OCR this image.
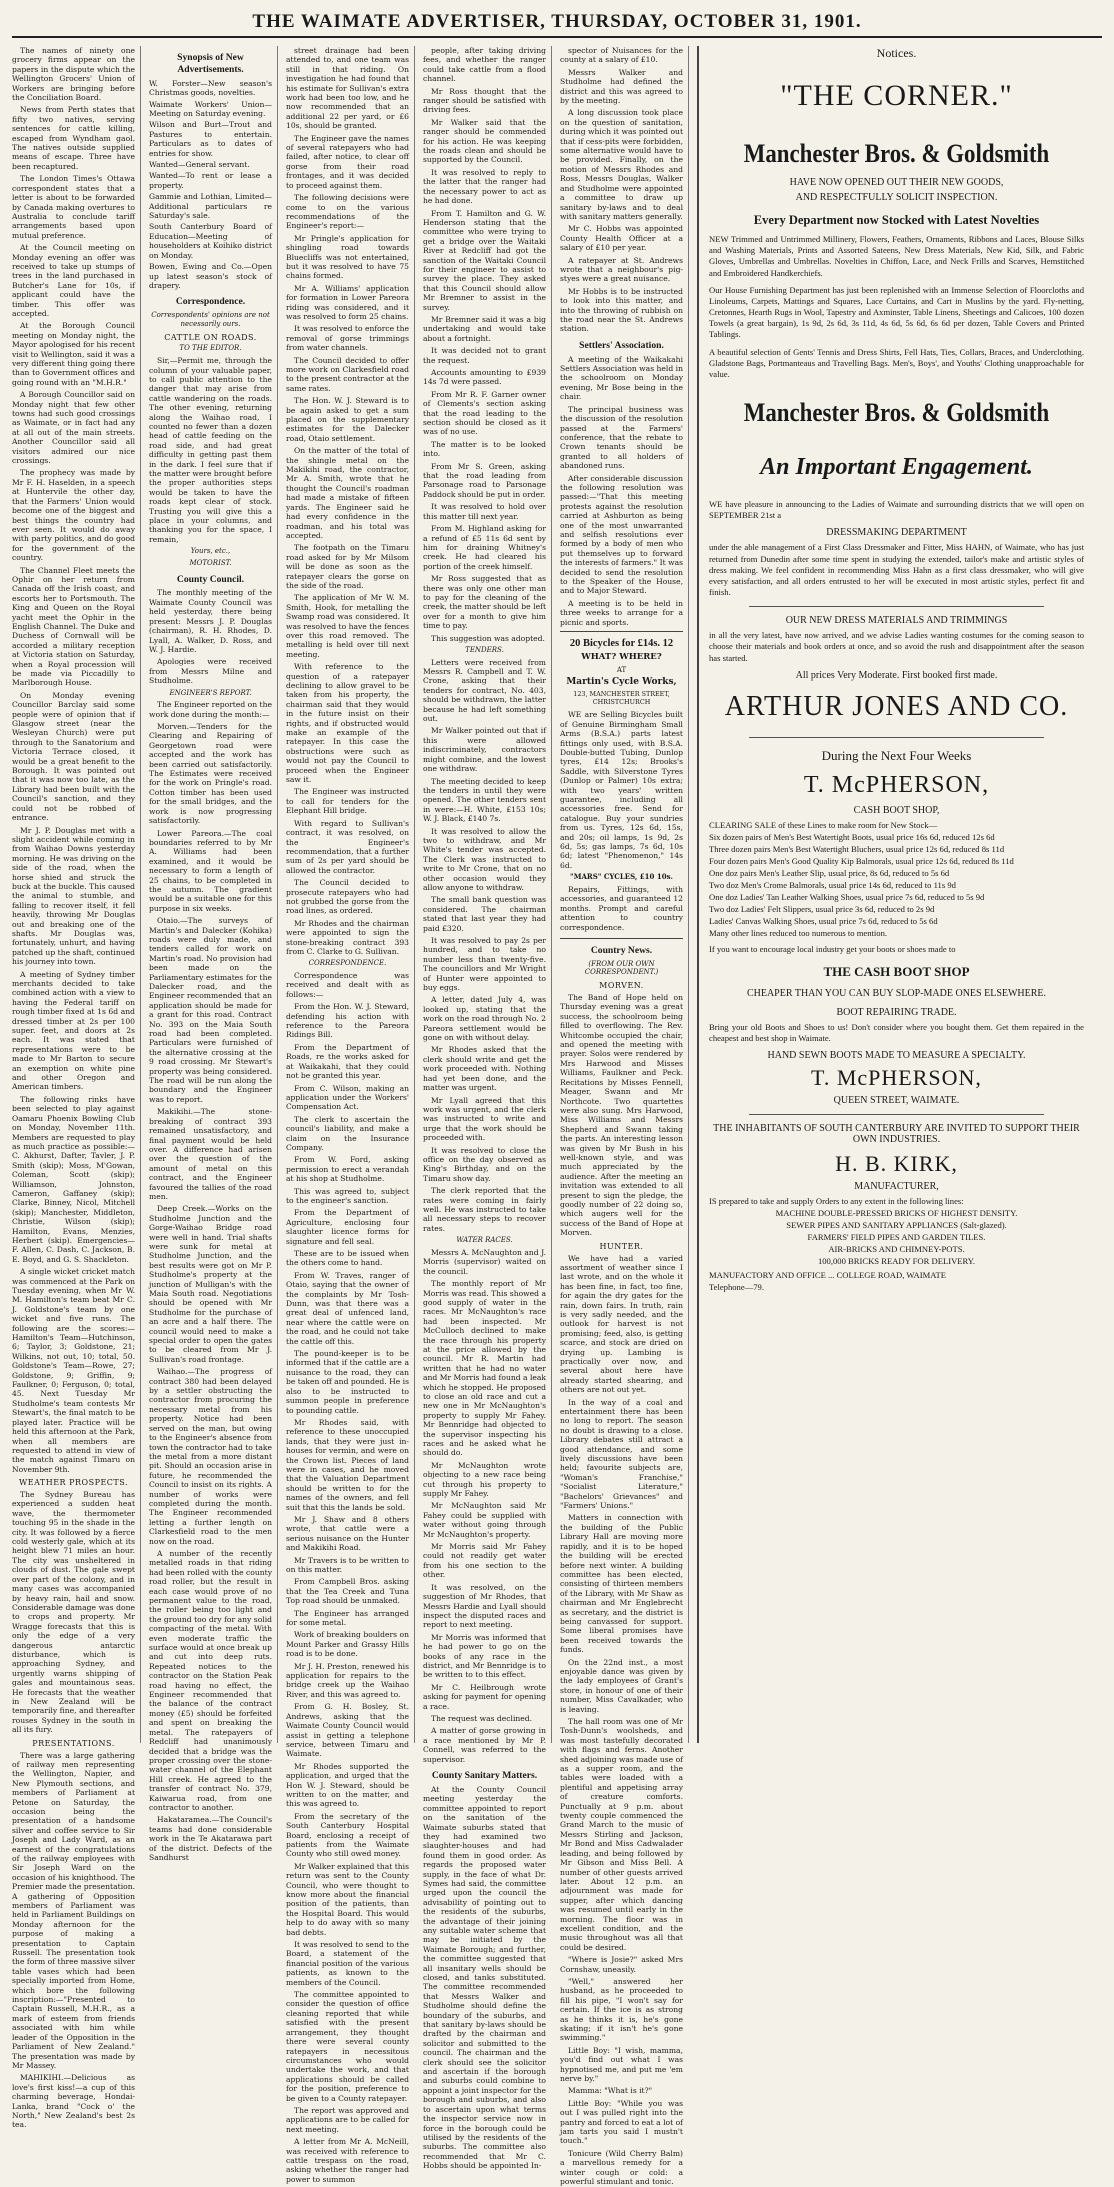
THE WAIMATE ADVERTISER, THURSDAY, OCTOBER 31, 1901.

The names of ninety one grocery firms appear on the papers in the dispute which the Wellington Grocers' Union of Workers are bringing before the Conciliation Board.

News from Perth states that fifty two natives, serving sentences for cattle killing, escaped from Wyndham gaol. The natives outside supplied means of escape. Three have been recaptured.

The London Times's Ottawa correspondent states that a letter is about to be forwarded by Canada making overtures to Australia to conclude tariff arrangements based upon mutual preference.

At the Council meeting on Monday evening an offer was received to take up stumps of trees in the land purchased in Butcher's Lane for 10s, if applicant could have the timber. This offer was accepted.

At the Borough Council meeting on Monday night, the Mayor apologised for his recent visit to Wellington, said it was a very different thing going there than to Government offices and going round with an "M.H.R."

A Borough Councillor said on Monday night that few other towns had such good crossings as Waimate, or in fact had any at all out of the main streets. Another Councillor said all visitors admired our nice crossings.

The prophecy was made by Mr F. H. Haselden, in a speech at Huntervile the other day, that the Farmers' Union would become one of the biggest and best things the country had ever seen. It would do away with party politics, and do good for the government of the country.

The Channel Fleet meets the Ophir on her return from Canada off the Irish coast, and escorts her to Portsmouth. The King and Queen on the Royal yacht meet the Ophir in the English Channel. The Duke and Duchess of Cornwall will be accorded a military reception at Victoria station on Saturday, when a Royal procession will be made via Piccadilly to Marlborough House.

On Monday evening Councillor Barclay said some people were of opinion that if Glasgow street (near the Wesleyan Church) were put through to the Sanatorium and Victoria Terrace closed, it would be a great benefit to the Borough. It was pointed out that it was now too late, as the Library had been built with the Council's sanction, and they could not be robbed of entrance.

Mr J. P. Douglas met with a slight accident while coming in from Waihao Downs yesterday morning. He was driving on the side of the road, when the horse shied and struck the buck at the buckle. This caused the animal to stumble, and falling to recover itself, it fell heavily, throwing Mr Douglas out and breaking one of the shafts. Mr Douglas was, fortunately, unhurt, and having patched up the shaft, continued his journey into town.

A meeting of Sydney timber merchants decided to take combined action with a view to having the Federal tariff on rough timber fixed at 1s 6d and dressed timber at 2s per 100 super. feet, and doors at 2s each. It was stated that representations were to be made to Mr Barton to secure an exemption on white pine and other Oregon and American timbers.

The following rinks have been selected to play against Oamaru Phoenix Bowling Club on Monday, November 11th. Members are requested to play as much practice as possible:—C. Akhurst, Dafter, Tavler, J. P. Smith (skip); Moss, M'Gowan, Coleman, Scott (skip); Williamson, Johnston, Cameron, Gaffaney (skip); Clarke, Binney, Nicol, Mitchell (skip); Manchester, Middleton, Christie, Wilson (skip); Hamilton, Evans, Menzies, Herbert (skip). Emergencies—F. Allen, C. Dash, C. Jackson, B. E. Boyd, and G. S. Shackleton.

A single wicket cricket match was commenced at the Park on Tuesday evening, when Mr W. M. Hamilton's team beat Mr C. J. Goldstone's team by one wicket and five runs. The following are the scores:—Hamilton's Team—Hutchinson, 6; Taylor, 3; Goldstone, 21; Wilkins, not out, 10; total, 50. Goldstone's Team—Rowe, 27; Goldstone, 9; Griffin, 9; Faulkner, 0; Ferguson, 0; total, 45. Next Tuesday Mr Studholme's team contests Mr Stewart's, the final match to be played later. Practice will be held this afternoon at the Park, when all members are requested to attend in view of the match against Timaru on November 9th.

WEATHER PROSPECTS.

The Sydney Bureau has experienced a sudden heat wave, the thermometer touching 95 in the shade in the city. It was followed by a fierce cold westerly gale, which at its height blew 71 miles an hour. The city was unsheltered in clouds of dust. The gale swept over part of the colony, and in many cases was accompanied by heavy rain, hail and snow. Considerable damage was done to crops and property. Mr Wragge forecasts that this is only the edge of a very dangerous antarctic disturbance, which is approaching Sydney, and urgently warns shipping of gales and mountainous seas. He forecasts that the weather in New Zealand will be temporarily fine, and thereafter rouses Sydney in the south in all its fury.

PRESENTATIONS.

There was a large gathering of railway men representing the Wellington, Napier, and New Plymouth sections, and members of Parliament at Petone on Saturday, the occasion being the presentation of a handsome silver and coffee service to Sir Joseph and Lady Ward, as an earnest of the congratulations of the railway employees with Sir Joseph Ward on the occasion of his knighthood. The Premier made the presentation. A gathering of Opposition members of Parliament was held in Parliament Buildings on Monday afternoon for the purpose of making a presentation to Captain Russell. The presentation took the form of three massive silver table vases which had been specially imported from Home, which bore the following inscription:—"Presented to Captain Russell, M.H.R., as a mark of esteem from friends associated with him while leader of the Opposition in the Parliament of New Zealand." The presentation was made by Mr Massey.

MAHIKIHI.—Delicious as love's first kiss!—a cup of this charming beverage, Hondai-Lanka, brand "Cock o' the North," New Zealand's best 2s tea.

Synopsis of New Advertisements.
W. Forster—New season's Christmas goods, novelties.
Waimate Workers' Union—Meeting on Saturday evening.
Wilson and Burt—Trout and Pastures to entertain. Particulars as to dates of entries for show.
Wanted—General servant.
Wanted—To rent or lease a property.
Gammie and Lothian, Limited—Additional particulars re Saturday's sale.
South Canterbury Board of Education—Meeting of householders at Koihiko district on Monday.
Bowen, Ewing and Co.—Open up latest season's stock of drapery.
Correspondence.
Correspondents' opinions are not necessarily ours.
CATTLE ON ROADS.
TO THE EDITOR.

Sir,—Permit me, through the column of your valuable paper, to call public attention to the danger that may arise from cattle wandering on the roads. The other evening, returning along the Waihao road, I counted no fewer than a dozen head of cattle feeding on the road side, and had great difficulty in getting past them in the dark. I feel sure that if the matter were brought before the proper authorities steps would be taken to have the roads kept clear of stock. Trusting you will give this a place in your columns, and thanking you for the space, I remain,

Yours, etc.,
MOTORIST.
County Council.

The monthly meeting of the Waimate County Council was held yesterday, there being present: Messrs J. P. Douglas (chairman), R. H. Rhodes, D. Lyall, A. Walker, D. Ross, and W. J. Hardie.

Apologies were received from Messrs Milne and Studholme.

ENGINEER'S REPORT.

The Engineer reported on the work done during the month:—

Morven.—Tenders for the Clearing and Repairing of Georgetown road were accepted and the work has been carried out satisfactorily. The Estimates were received for the work on Pringle's road. Cotton timber has been used for the small bridges, and the work is now progressing satisfactorily.

Lower Pareora.—The coal boundaries referred to by Mr A. Williams had been examined, and it would be necessary to form a length of 25 chains, to be completed in the autumn. The gradient would be a suitable one for this purpose in six weeks.

Otaio.—The surveys of Martin's and Dalecker (Kohika) roads were duly made, and tenders called for work on Martin's road. No provision had been made on the Parliamentary estimates for the Dalecker road, and the Engineer recommended that an application should be made for a grant for this road. Contract No. 393 on the Maia South road had been completed. Particulars were furnished of the alternative crossing at the 9 road crossing. Mr Stewart's property was being considered. The road will be run along the boundary and the Engineer was to report.

Makikihi.—The stone-breaking of contract 393 remained unsatisfactory, and final payment would be held over. A difference had arisen over the question of the amount of metal on this contract, and the Engineer favoured the tallies of the road men.

Deep Creek.—Works on the Studholme Junction and the Gorge-Waihao Bridge road were well in hand. Trial shafts were sunk for metal at Studholme Junction, and the best results were got on Mr P. Studholme's property at the junction of Mulligan's with the Maia South road. Negotiations should be opened with Mr Studholme for the purchase of an acre and a half there. The council would need to make a special order to open the gates to be cleared from Mr J. Sullivan's road frontage.

Waihao.—The progress of contract 380 had been delayed by a settler obstructing the contractor from procuring the necessary metal from his property. Notice had been served on the man, but owing to the Engineer's absence from town the contractor had to take the metal from a more distant pit. Should an occasion arise in future, he recommended the Council to insist on its rights. A number of works were completed during the month. The Engineer recommended letting a further length on Clarkesfield road to the men now on the road.

A number of the recently metalled roads in that riding had been rolled with the county road roller, but the result in each case would prove of no permanent value to the road, the roller being too light and the ground too dry for any solid compacting of the metal. With even moderate traffic the surface would at once break up and cut into deep ruts. Repeated notices to the contractor on the Station Peak road having no effect, the Engineer recommended that the balance of the contract money (£5) should be forfeited and spent on breaking the metal. The ratepayers of Redcliff had unanimously decided that a bridge was the proper crossing over the stone-water channel of the Elephant Hill creek. He agreed to the transfer of contract No. 379, Kaiwarua road, from one contractor to another.

Hakataramea.—The Council's teams had done considerable work in the Te Akatarawa part of the district. Defects of the Sandhurst

street drainage had been attended to, and one team was still in that riding. On investigation he had found that his estimate for Sullivan's extra work had been too low, and he now recommended that an additional 22 per yard, or £6 10s, should be granted.

The Engineer gave the names of several ratepayers who had failed, after notice, to clear off gorse from their road frontages, and it was decided to proceed against them.

The following decisions were come to on the various recommendations of the Engineer's report:—

Mr Pringle's application for shingling road towards Bluecliffs was not entertained, but it was resolved to have 75 chains formed.

Mr A. Williams' application for formation in Lower Pareora riding was considered, and it was resolved to form 25 chains.

It was resolved to enforce the removal of gorse trimmings from water channels.

The Council decided to offer more work on Clarkesfield road to the present contractor at the same rates.

The Hon. W. J. Steward is to be again asked to get a sum placed on the supplementary estimates for the Dalecker road, Otaio settlement.

On the matter of the total of the shingle metal on the Makikihi road, the contractor, Mr A. Smith, wrote that he thought the Council's roadman had made a mistake of fifteen yards. The Engineer said he had every confidence in the roadman, and his total was accepted.

The footpath on the Timaru road asked for by Mr Milsom will be done as soon as the ratepayer clears the gorse on the side of the road.

The application of Mr W. M. Smith, Hook, for metalling the Swamp road was considered. It was resolved to have the fences over this road removed. The metalling is held over till next meeting.

With reference to the question of a ratepayer declining to allow gravel to be taken from his property, the chairman said that they would in the future insist on their rights, and if obstructed would make an example of the ratepayer. In this case the obstructions were such as would not pay the Council to proceed when the Engineer saw it.

The Engineer was instructed to call for tenders for the Elephant Hill bridge.

With regard to Sullivan's contract, it was resolved, on the Engineer's recommendation, that a further sum of 2s per yard should be allowed the contractor.

The Council decided to prosecute ratepayers who had not grubbed the gorse from the road lines, as ordered.

Mr Rhodes and the chairman were appointed to sign the stone-breaking contract 393 from C. Clarke to G. Sullivan.

CORRESPONDENCE.

Correspondence was received and dealt with as follows:—

From the Hon. W. J. Steward, defending his action with reference to the Pareora Ridings Bill.

From the Department of Roads, re the works asked for at Waikakahi, that they could not be granted this year.

From C. Wilson, making an application under the Workers' Compensation Act.

The clerk to ascertain the council's liability, and make a claim on the Insurance Company.

From W. Ford, asking permission to erect a verandah at his shop at Studholme.

This was agreed to, subject to the engineer's sanction.

From the Department of Agriculture, enclosing four slaughter licence forms for signature and fell seal.

These are to be issued when the others come to hand.

From W. Traves, ranger of Otaio, saying that the owner of the complaints by Mr Tosh-Dunn, was that there was a great deal of unfenced land, near where the cattle were on the road, and he could not take the cattle off this.

The pound-keeper is to be informed that if the cattle are a nuisance to the road, they can be taken off and pounded. He is also to be instructed to summon people in preference to pounding cattle.

Mr Rhodes said, with reference to these unoccupied lands, that they were just in-houses for vermin, and were on the Crown list. Pieces of land were in cases, and he moved that the Valuation Department should be written to for the names of the owners, and fell suit that this the lands be sold.

Mr J. Shaw and 8 others wrote, that cattle were a serious nuisance on the Hunter and Makikihi Road.

Mr Travers is to be written to on this matter.

From Campbell Bros. asking that the Tea Creek and Tuna Top road should be unmaked.

The Engineer has arranged for some metal.

Work of breaking boulders on Mount Parker and Grassy Hills road is to be done.

Mr J. H. Preston, renewed his application for repairs to the bridge creek up the Waihao River, and this was agreed to.

From G. H. Bosley, St. Andrews, asking that the Waimate County Council would assist in getting a telephone service, between Timaru and Waimate.

Mr Rhodes supported the application, and urged that the Hon W. J. Steward, should be written to on the matter, and this was agreed to.

From the secretary of the South Canterbury Hospital Board, enclosing a receipt of patients from the Waimate County who still owed money.

Mr Walker explained that this return was sent to the County Council, who were thought to know more about the financial position of the patients, than the Hospital Board. This would help to do away with so many bad debts.

It was resolved to send to the Board, a statement of the financial position of the various patients, as known to the members of the Council.

The committee appointed to consider the question of office cleaning reported that while satisfied with the present arrangement, they thought there were several county ratepayers in necessitous circumstances who would undertake the work, and that applications should be called for the position, preference to be given to a County ratepayer.

The report was approved and applications are to be called for next meeting.

A letter from Mr A. McNeill, was received with reference to cattle trespass on the road, asking whether the ranger had power to summon

people, after taking driving fees, and whether the ranger could take cattle from a flood channel.

Mr Ross thought that the ranger should be satisfied with driving fees.

Mr Walker said that the ranger should be commended for his action. He was keeping the roads clean and should be supported by the Council.

It was resolved to reply to the latter that the ranger had the necessary power to act as he had done.

From T. Hamilton and G. W. Henderson stating that the committee who were trying to get a bridge over the Waitaki River at Redcliff had got the sanction of the Waitaki Council for their engineer to assist to survey the place. They asked that this Council should allow Mr Bremner to assist in the survey.

Mr Bremner said it was a big undertaking and would take about a fortnight.

It was decided not to grant the request.

Accounts amounting to £939 14s 7d were passed.

From Mr R. F. Garner owner of Clements's section asking that the road leading to the section should be closed as it was of no use.

The matter is to be looked into.

From Mr S. Green, asking that the road leading from Parsonage road to Parsonage Paddock should be put in order.

It was resolved to hold over this matter till next year.

From M. Highland asking for a refund of £5 11s 6d sent by him for draining Whitney's creek. He had cleared his portion of the creek himself.

Mr Ross suggested that as there was only one other man to pay for the cleaning of the creek, the matter should be left over for a month to give him time to pay.

This suggestion was adopted.

TENDERS.

Letters were received from Messrs R. Campbell and T. W. Crone, asking that their tenders for contract, No. 403, should be withdrawn, the latter because he had left something out.

Mr Walker pointed out that if this were allowed indiscriminately, contractors might combine, and the lowest one withdraw.

The meeting decided to keep the tenders in until they were opened. The other tenders sent in were:—H. White, £153 10s; W. J. Black, £140 7s.

It was resolved to allow the two to withdraw, and Mr White's tender was accepted. The Clerk was instructed to write to Mr Crone, that on no other occasion would they allow anyone to withdraw.

The small bank question was considered. The chairman stated that last year they had paid £320.

It was resolved to pay 2s per hundred, and to take no number less than twenty-five. The councillors and Mr Wright of Hunter were appointed to buy eggs.

A letter, dated July 4, was looked up, stating that the work on the road through No. 2 Pareora settlement would be gone on with without delay.

Mr Rhodes asked that the clerk should write and get the work proceeded with. Nothing had yet been done, and the matter was urgent.

Mr Lyall agreed that this work was urgent, and the clerk was instructed to write and urge that the work should be proceeded with.

It was resolved to close the office on the day observed as King's Birthday, and on the Timaru show day.

The clerk reported that the rates were coming in fairly well. He was instructed to take all necessary steps to recover rates.

WATER RACES.

Messrs A. McNaughton and J. Morris (supervisor) waited on the council.

The monthly report of Mr Morris was read. This showed a good supply of water in the races. Mr McNaughton's race had been inspected. Mr McCulloch declined to make the race through his property at the price allowed by the council. Mr R. Martin had written that he had no water and Mr Morris had found a leak which he stopped. He proposed to close an old race and cut a new one in Mr McNaughton's property to supply Mr Fahey. Mr Bennridge had objected to the supervisor inspecting his races and he asked what he should do.

Mr McNaughton wrote objecting to a new race being cut through his property to supply Mr Fahey.

Mr McNaughton said Mr Fahey could be supplied with water without going through Mr McNaughton's property.

Mr Morris said Mr Fahey could not readily get water from his one section to the other.

It was resolved, on the suggestion of Mr Rhodes, that Messrs Hardie and Lyall should inspect the disputed races and report to next meeting.

Mr Morris was informed that he had power to go on the books of any race in the district, and Mr Bennridge is to be written to to this effect.

Mr C. Heilbrough wrote asking for payment for opening a race.

The request was declined.

A matter of gorse growing in a race mentioned by Mr P. Connell, was referred to the supervisor.

County Sanitary Matters.

At the County Council meeting yesterday the committee appointed to report on the sanitation of the Waimate suburbs stated that they had examined two slaughter-houses and had found them in good order. As regards the proposed water supply, in the face of what Dr. Symes had said, the committee urged upon the council the advisability of pointing out to the residents of the suburbs, the advantage of their joining any suitable water scheme that may be initiated by the Waimate Borough; and further, the committee suggested that all insanitary wells should be closed, and tanks substituted. The committee recommended that Messrs Walker and Studholme should define the boundary of the suburbs, and that sanitary by-laws should be drafted by the chairman and solicitor and submitted to the council. The chairman and the clerk should see the solicitor and ascertain if the borough and suburbs could combine to appoint a joint inspector for the borough and suburbs, and also to ascertain upon what terms the inspector service now in force in the borough could be utilised by the residents of the suburbs. The committee also recommended that Mr C. Hobbs should be appointed In-

spector of Nuisances for the county at a salary of £10.

Messrs Walker and Studholme had defined the district and this was agreed to by the meeting.

A long discussion took place on the question of sanitation, during which it was pointed out that if cess-pits were forbidden, some alternative would have to be provided. Finally, on the motion of Messrs Rhodes and Ross, Messrs Douglas, Walker and Studholme were appointed a committee to draw up sanitary by-laws and to deal with sanitary matters generally.

Mr C. Hobbs was appointed County Health Officer at a salary of £10 per year.

A ratepayer at St. Andrews wrote that a neighbour's pig-styes were a great nuisance.

Mr Hobbs is to be instructed to look into this matter, and into the throwing of rubbish on the road near the St. Andrews station.

Settlers' Association.

A meeting of the Waikakahi Settlers Association was held in the schoolroom on Monday evening, Mr Bose being in the chair.

The principal business was the discussion of the resolution passed at the Farmers' conference, that the rebate to Crown tenants should be granted to all holders of abandoned runs.

After considerable discussion the following resolution was passed:—"That this meeting protests against the resolution carried at Ashburton as being one of the most unwarranted and selfish resolutions ever formed by a body of men who put themselves up to forward the interests of farmers." It was decided to send the resolution to the Speaker of the House, and to Major Steward.

A meeting is to be held in three weeks to arrange for a picnic and sports.

20 Bicycles for £14s. 12
WHAT? WHERE?
AT
Martin's Cycle Works,
123, MANCHESTER STREET, CHRISTCHURCH

WE are Selling Bicycles built of Genuine Birmingham Small Arms (B.S.A.) parts latest fittings only used, with B.S.A. Double-butted Tubing, Dunlop tyres, £14 12s; Brooks's Saddle, with Silverstone Tyres (Dunlop or Palmer) 10s extra; with two years' written guarantee, including all accessories free. Send for catalogue. Buy your sundries from us. Tyres, 12s 6d, 15s, and 20s; oil lamps, 1s 9d, 2s 6d, 5s; gas lamps, 7s 6d, 10s 6d; latest "Phenomenon," 14s 6d.

"MARS" CYCLES, £10 10s.

Repairs, Fittings, with accessories, and guaranteed 12 months. Prompt and careful attention to country correspondence.

Country News.
(FROM OUR OWN CORRESPONDENT.)
MORVEN.

The Band of Hope held on Thursday evening was a great success, the schoolroom being filled to overflowing. The Rev. Whitcombe occupied the chair, and opened the meeting with prayer. Solos were rendered by Mrs Harwood and Misses Williams, Faulkner and Peck. Recitations by Misses Fennell, Meager, Swann and Mr Northcote. Two quartettes were also sung. Mrs Harwood, Miss Williams and Messrs Shepherd and Swann taking the parts. An interesting lesson was given by Mr Bush in his well-known style, and was much appreciated by the audience. After the meeting an invitation was extended to all present to sign the pledge, the goodly number of 22 doing so, which augers well for the success of the Band of Hope at Morven.

HUNTER.

We have had a varied assortment of weather since I last wrote, and on the whole it has been fine, in fact, too fine, for again the dry gates for the rain, down fairs. In truth, rain is very sadly needed, and the outlook for harvest is not promising; feed, also, is getting scarce, and stock are dried on drying up. Lambing is practically over now, and several about here have already started shearing, and others are not out yet.

In the way of a coal and entertainment there has been no long to report. The season no doubt is drawing to a close. Library debates still attract a good attendance, and some lively discussions have been held; favourite subjects are, "Woman's Franchise," "Socialist Literature," "Bachelors' Grievances" and "Farmers' Unions."

Matters in connection with the building of the Public Library Hall are moving more rapidly, and it is to be hoped the building will be erected before next winter. A building committee has been elected, consisting of thirteen members of the Library, with Mr Shaw as chairman and Mr Englebrecht as secretary, and the district is being canvassed for support. Some liberal promises have been received towards the funds.

On the 22nd inst., a most enjoyable dance was given by the lady employees of Grant's store, in honour of one of their number, Miss Cavalkader, who is leaving.

The hall room was one of Mr Tosh-Dunn's woolsheds, and was most tastefully decorated with flags and ferns. Another shed adjoining was made use of as a supper room, and the tables were loaded with a plentiful and appetising array of creature comforts. Punctually at 9 p.m. about twenty couple commenced the Grand March to the music of Messrs Stirling and Jackson, Mr Bond and Miss Cadwalader leading, and being followed by Mr Gibson and Miss Bell. A number of other guests arrived later. About 12 p.m. an adjournment was made for supper, after which dancing was resumed until early in the morning. The floor was in excellent condition, and the music throughout was all that could be desired.

"Where is Josie?" asked Mrs Cornshaw, uneasily.

"Well," answered her husband, as he proceeded to fill his pipe, "I won't say for certain. If the ice is as strong as he thinks it is, he's gone skating; if it isn't he's gone swimming."

Little Boy: "I wish, mamma, you'd find out what I was hypnotised me, and put me 'em nerve by."

Mamma: "What is it?"

Little Boy: "While you was out I was pulled right into the pantry and forced to eat a lot of jam tarts you said I mustn't touch."

Tonicure (Wild Cherry Balm) a marvellous remedy for a winter cough or cold: a powerful stimulant and tonic.

Notices.
"THE CORNER."
Manchester Bros. & Goldsmith
HAVE NOW OPENED OUT THEIR NEW GOODS,
AND RESPECTFULLY SOLICIT INSPECTION.
Every Department now Stocked with Latest Novelties
NEW Trimmed and Untrimmed Millinery, Flowers, Feathers, Ornaments, Ribbons and Laces, Blouse Silks and Washing Materials, Prints and Assorted Sateens, New Dress Materials, New Kid, Silk, and Fabric Gloves, Umbrellas and Umbrellas. Novelties in Chiffon, Lace, and Neck Frills and Scarves, Hemstitched and Embroidered Handkerchiefs.
Our House Furnishing Department has just been replenished with an Immense Selection of Floorcloths and Linoleums, Carpets, Mattings and Squares, Lace Curtains, and Cart in Muslins by the yard. Fly-netting, Cretonnes, Hearth Rugs in Wool, Tapestry and Axminster, Table Linens, Sheetings and Calicoes, 100 dozen Towels (a great bargain), 1s 9d, 2s 6d, 3s 11d, 4s 6d, 5s 6d, 6s 6d per dozen, Table Covers and Printed Tablings.
A beautiful selection of Gents' Tennis and Dress Shirts, Fell Hats, Ties, Collars, Braces, and Underclothing. Gladstone Bags, Portmanteaus and Travelling Bags. Men's, Boys', and Youths' Clothing unapproachable for value.
Manchester Bros. & Goldsmith
An Important Engagement.
WE have pleasure in announcing to the Ladies of Waimate and surrounding districts that we will open on SEPTEMBER 21st a
DRESSMAKING DEPARTMENT
under the able management of a First Class Dressmaker and Fitter, Miss HAHN, of Waimate, who has just returned from Dunedin after some time spent in studying the extended, tailor's make and artistic styles of dress making. We feel confident in recommending Miss Hahn as a first class dressmaker, who will give every satisfaction, and all orders entrusted to her will be executed in most artistic styles, perfect fit and finish.
OUR NEW DRESS MATERIALS AND TRIMMINGS
in all the very latest, have now arrived, and we advise Ladies wanting costumes for the coming season to choose their materials and book orders at once, and so avoid the rush and disappointment after the season has started.
All prices Very Moderate. First booked first made.
ARTHUR JONES AND CO.
During the Next Four Weeks
T. McPHERSON,
CASH BOOT SHOP,
CLEARING SALE of these Lines to make room for New Stock—
Six dozen pairs of Men's Best Watertight Boots, usual price 16s 6d, reduced 12s 6d
Three dozen pairs Men's Best Watertight Bluchers, usual price 12s 6d, reduced 8s 11d
Four dozen pairs Men's Good Quality Kip Balmorals, usual price 12s 6d, reduced 8s 11d
One doz pairs Men's Leather Slip, usual price, 8s 6d, reduced to 5s 6d
Two doz Men's Crome Balmorals, usual price 14s 6d, reduced to 11s 9d
One doz Ladies' Tan Leather Walking Shoes, usual price 7s 6d, reduced to 5s 9d
Two doz Ladies' Felt Slippers, usual price 3s 6d, reduced to 2s 9d
Ladies' Canvas Walking Shoes, usual price 7s 6d, reduced to 5s 6d
Many other lines reduced too numerous to mention.
If you want to encourage local industry get your boots or shoes made to
THE CASH BOOT SHOP
CHEAPER THAN YOU CAN BUY SLOP-MADE ONES ELSEWHERE.
BOOT REPAIRING TRADE.
Bring your old Boots and Shoes to us! Don't consider where you bought them. Get them repaired in the cheapest and best shop in Waimate.
HAND SEWN BOOTS MADE TO MEASURE A SPECIALTY.
T. McPHERSON,
QUEEN STREET, WAIMATE.
THE INHABITANTS OF SOUTH CANTERBURY ARE INVITED TO SUPPORT THEIR OWN INDUSTRIES.
H. B. KIRK,
MANUFACTURER,
IS prepared to take and supply Orders to any extent in the following lines:
MACHINE DOUBLE-PRESSED BRICKS OF HIGHEST DENSITY.
SEWER PIPES AND SANITARY APPLIANCES (Salt-glazed).
FARMERS' FIELD PIPES AND GARDEN TILES.
AIR-BRICKS AND CHIMNEY-POTS.
100,000 BRICKS READY FOR DELIVERY.
MANUFACTORY AND OFFICE ... COLLEGE ROAD, WAIMATE
Telephone—79.
